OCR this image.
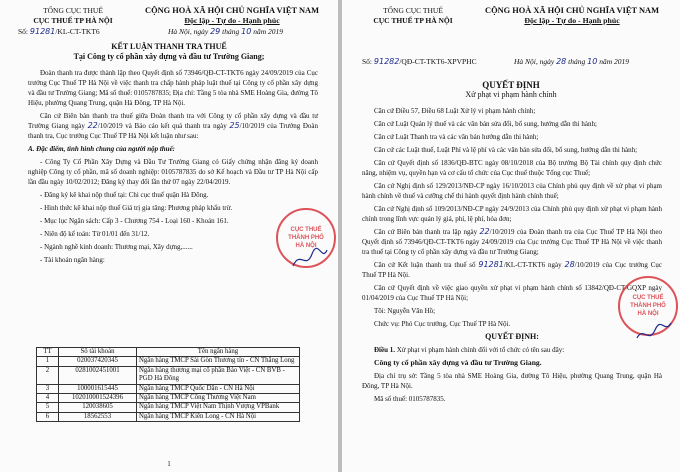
TỔNG CỤC THUẾ
CỤC THUẾ TP HÀ NỘI
CỘNG HOÀ XÃ HỘI CHỦ NGHĨA VIỆT NAM
Độc lập - Tự do - Hạnh phúc
Số: 91281/KL-CT-TKT6	Hà Nội, ngày 29 tháng 10 năm 2019
KẾT LUẬN THANH TRA THUẾ
Tại Công ty cổ phần xây dựng và đầu tư Trường Giang;

Đoàn thanh tra được thành lập theo Quyết định số 73946/QĐ-CT-TKT6 ngày 24/09/2019 của Cục trưởng Cục Thuế TP Hà Nội về việc thanh tra chấp hành pháp luật thuế tại Công ty cổ phần xây dựng và đầu tư Trường Giang; Mã số thuế: 0105787835; Địa chỉ: Tầng 5 tòa nhà SME Hoàng Gia, đường Tô Hiệu, phường Quang Trung, quận Hà Đông, TP Hà Nội.

Căn cứ Biên bản thanh tra thuế giữa Đoàn thanh tra với Công ty cổ phần xây dựng và đầu tư Trường Giang ngày 22/10/2019 và Báo cáo kết quả thanh tra ngày 25/10/2019 của Trưởng Đoàn thanh tra, Cục trưởng Cục Thuế TP Hà Nội kết luận như sau:

A. Đặc điểm, tình hình chung của người nộp thuế:

- Công Ty Cổ Phần Xây Dựng và Đầu Tư Trường Giang có Giấy chứng nhận đăng ký doanh nghiệp Công ty cổ phần, mã số doanh nghiệp: 0105787835 do sở Kế hoạch và Đầu tư TP Hà Nội cấp lần đầu ngày 10/02/2012; Đăng ký thay đổi lần thứ 07 ngày 22/04/2019.

- Đăng ký kê khai nộp thuế tại: Chi cục thuế quận Hà Đông.

- Hình thức kê khai nộp thuế Giá trị gia tăng: Phương pháp khấu trừ.

- Mục lục Ngân sách: Cấp 3 - Chương 754 - Loại 160 - Khoản 161.

- Niên độ kế toán: Từ 01/01 đến 31/12.

- Ngành nghề kinh doanh: Thương mại, Xây dựng,......

- Tài khoản ngân hàng:

TT	Số tài khoản	Tên ngân hàng
1	020037420345	Ngân hàng TMCP Sài Gòn Thương tín - CN Thăng Long
2	0281002451001	Ngân hàng thương mại cổ phần Bảo Việt - CN BVB - PGD Hà Đông
3	100001615445	Ngân hàng TMCP Quốc Dân - CN Hà Nội
4	102010001524396	Ngân hàng TMCP Công Thương Việt Nam
5	120038605	Ngân hàng TMCP Việt Nam Thịnh Vượng VPBank
6	18562553	Ngân hàng TMCP Kiên Long - CN Hà Nội
1
CỤC THUẾ
THÀNH PHỐ
HÀ NỘI
TỔNG CỤC THUẾ
CỤC THUẾ TP HÀ NỘI
CỘNG HOÀ XÃ HỘI CHỦ NGHĨA VIỆT NAM
Độc lập - Tự do - Hạnh phúc
Số: 91282/QĐ-CT-TKT6-XPVPHC	Hà Nội, ngày 28 tháng 10 năm 2019
QUYẾT ĐỊNH
Xử phạt vi phạm hành chính

Căn cứ Điều 57, Điều 68 Luật Xử lý vi phạm hành chính;

Căn cứ Luật Quản lý thuế và các văn bản sửa đổi, bổ sung, hướng dẫn thi hành;

Căn cứ Luật Thanh tra và các văn bản hướng dẫn thi hành;

Căn cứ các Luật thuế, Luật Phí và lệ phí và các văn bản sửa đổi, bổ sung, hướng dẫn thi hành;

Căn cứ Quyết định số 1836/QĐ-BTC ngày 08/10/2018 của Bộ trưởng Bộ Tài chính quy định chức năng, nhiệm vụ, quyền hạn và cơ cấu tổ chức của Cục thuế thuộc Tổng cục Thuế;

Căn cứ Nghị định số 129/2013/NĐ-CP ngày 16/10/2013 của Chính phủ quy định về xử phạt vi phạm hành chính về thuế và cưỡng chế thi hành quyết định hành chính thuế;

Căn cứ Nghị định số 109/2013/NĐ-CP ngày 24/9/2013 của Chính phủ quy định xử phạt vi phạm hành chính trong lĩnh vực quản lý giá, phí, lệ phí, hóa đơn;

Căn cứ Biên bản thanh tra lập ngày 22/10/2019 của Đoàn thanh tra của Cục Thuế TP Hà Nội theo Quyết định số 73946/QĐ-CT-TKT6 ngày 24/09/2019 của Cục trưởng Cục Thuế TP Hà Nội về việc thanh tra thuế tại Công ty cổ phần xây dựng và đầu tư Trường Giang;

Căn cứ Kết luận thanh tra thuế số 91281/KL-CT-TKT6 ngày 28/10/2019 của Cục trưởng Cục Thuế TP Hà Nội.

Căn cứ Quyết định về việc giao quyền xử phạt vi phạm hành chính số 13842/QĐ-CT-GQXP ngày 01/04/2019 của Cục Thuế TP Hà Nội;

Tôi: Nguyễn Văn Hồ;

Chức vụ: Phó Cục trưởng, Cục Thuế TP Hà Nội.

QUYẾT ĐỊNH:

Điều 1. Xử phạt vi phạm hành chính đối với tổ chức có tên sau đây:

Công ty cổ phần xây dựng và đầu tư Trường Giang.

Địa chỉ trụ sở: Tầng 5 tòa nhà SME Hoàng Gia, đường Tô Hiệu, phường Quang Trung, quận Hà Đông, TP Hà Nội.

Mã số thuế: 0105787835.

CỤC THUẾ
THÀNH PHỐ
HÀ NỘI
